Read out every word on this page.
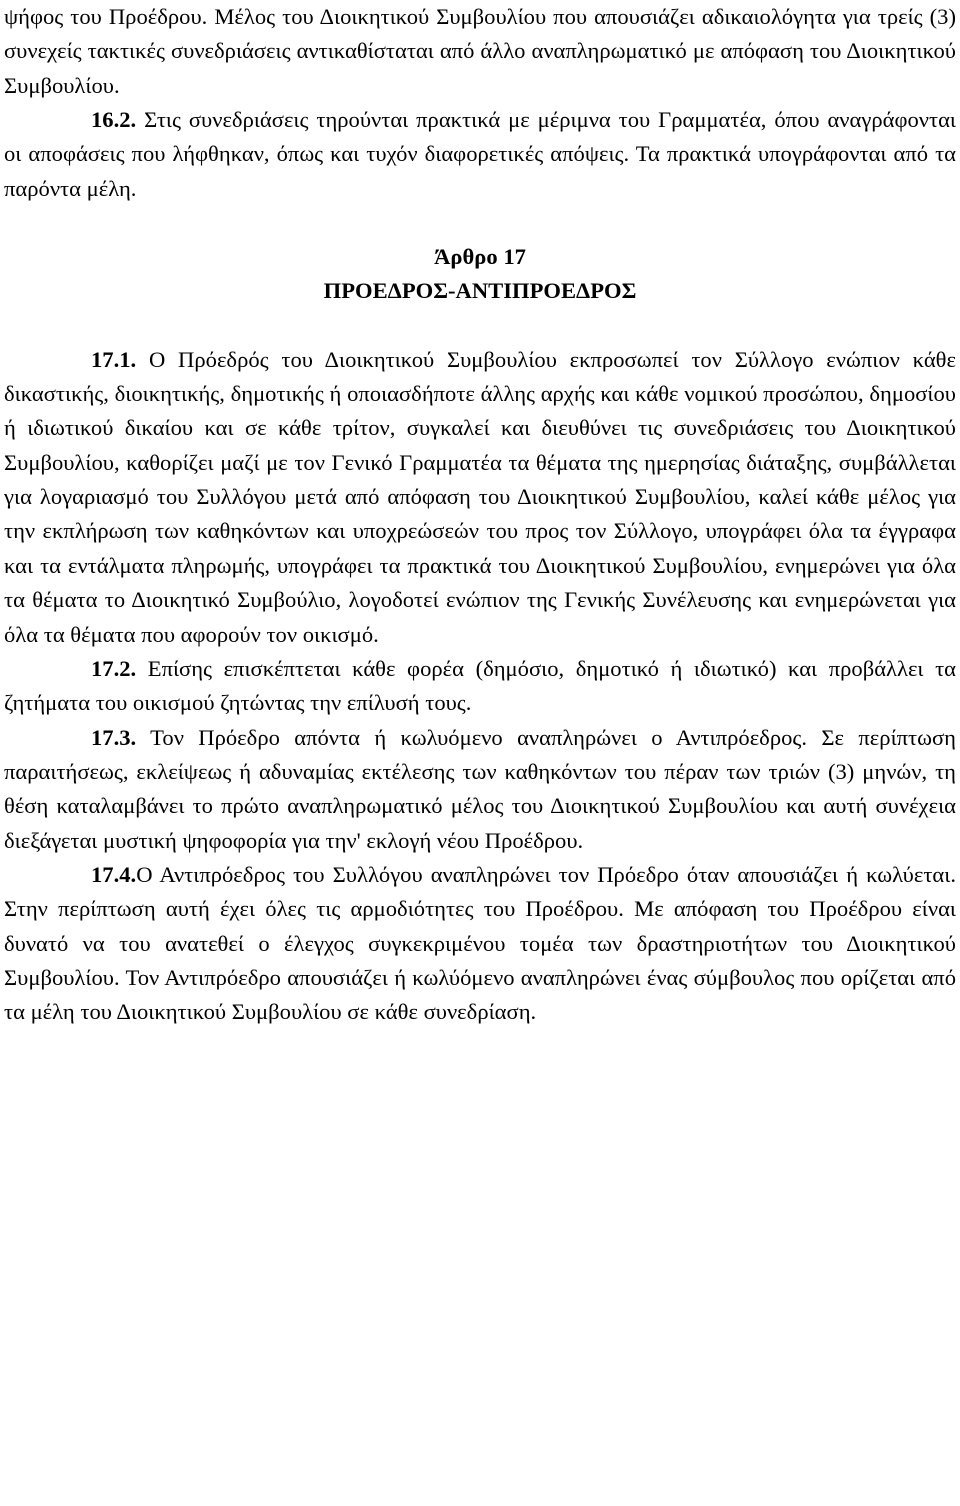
ψήφος του Προέδρου. Μέλος του Διοικητικού Συμβουλίου που απουσιάζει αδικαιολόγητα για τρείς (3) συνεχείς τακτικές συνεδριάσεις αντικαθίσταται από άλλο αναπληρωματικό με απόφαση του Διοικητικού Συμβουλίου.

16.2. Στις συνεδριάσεις τηρούνται πρακτικά με μέριμνα του Γραμματέα, όπου αναγράφονται οι αποφάσεις που λήφθηκαν, όπως και τυχόν διαφορετικές απόψεις. Τα πρακτικά υπογράφονται από τα παρόντα μέλη.

Άρθρο 17

ΠΡΟΕΔΡΟΣ-ΑΝΤΙΠΡΟΕΔΡΟΣ

17.1. Ο Πρόεδρός του Διοικητικού Συμβουλίου εκπροσωπεί τον Σύλλογο ενώπιον κάθε δικαστικής, διοικητικής, δημοτικής ή οποιασδήποτε άλλης αρχής και κάθε νομικού προσώπου, δημοσίου ή ιδιωτικού δικαίου και σε κάθε τρίτον, συγκαλεί και διευθύνει τις συνεδριάσεις του Διοικητικού Συμβουλίου, καθορίζει μαζί με τον Γενικό Γραμματέα τα θέματα της ημερησίας διάταξης, συμβάλλεται για λογαριασμό του Συλλόγου μετά από απόφαση του Διοικητικού Συμβουλίου, καλεί κάθε μέλος για την εκπλήρωση των καθηκόντων και υποχρεώσεών του προς τον Σύλλογο, υπογράφει όλα τα έγγραφα και τα εντάλματα πληρωμής, υπογράφει τα πρακτικά του Διοικητικού Συμβουλίου, ενημερώνει για όλα τα θέματα το Διοικητικό Συμβούλιο, λογοδοτεί ενώπιον της Γενικής Συνέλευσης και ενημερώνεται για όλα τα θέματα που αφορούν τον οικισμό.

17.2. Επίσης επισκέπτεται κάθε φορέα (δημόσιο, δημοτικό ή ιδιωτικό) και προβάλλει τα ζητήματα του οικισμού ζητώντας την επίλυσή τους.

17.3. Τον Πρόεδρο απόντα ή κωλυόμενο αναπληρώνει ο Αντιπρόεδρος. Σε περίπτωση παραιτήσεως, εκλείψεως ή αδυναμίας εκτέλεσης των καθηκόντων του πέραν των τριών (3) μηνών, τη θέση καταλαμβάνει το πρώτο αναπληρωματικό μέλος του Διοικητικού Συμβουλίου και αυτή συνέχεια διεξάγεται μυστική ψηφοφορία για την' εκλογή νέου Προέδρου.

17.4.Ο Αντιπρόεδρος του Συλλόγου αναπληρώνει τον Πρόεδρο όταν απουσιάζει ή κωλύεται. Στην περίπτωση αυτή έχει όλες τις αρμοδιότητες του Προέδρου. Με απόφαση του Προέδρου είναι δυνατό να του ανατεθεί ο έλεγχος συγκεκριμένου τομέα των δραστηριοτήτων του Διοικητικού Συμβουλίου. Τον Αντιπρόεδρο απουσιάζει ή κωλύόμενο αναπληρώνει ένας σύμβουλος που ορίζεται από τα μέλη του Διοικητικού Συμβουλίου σε κάθε συνεδρίαση.
